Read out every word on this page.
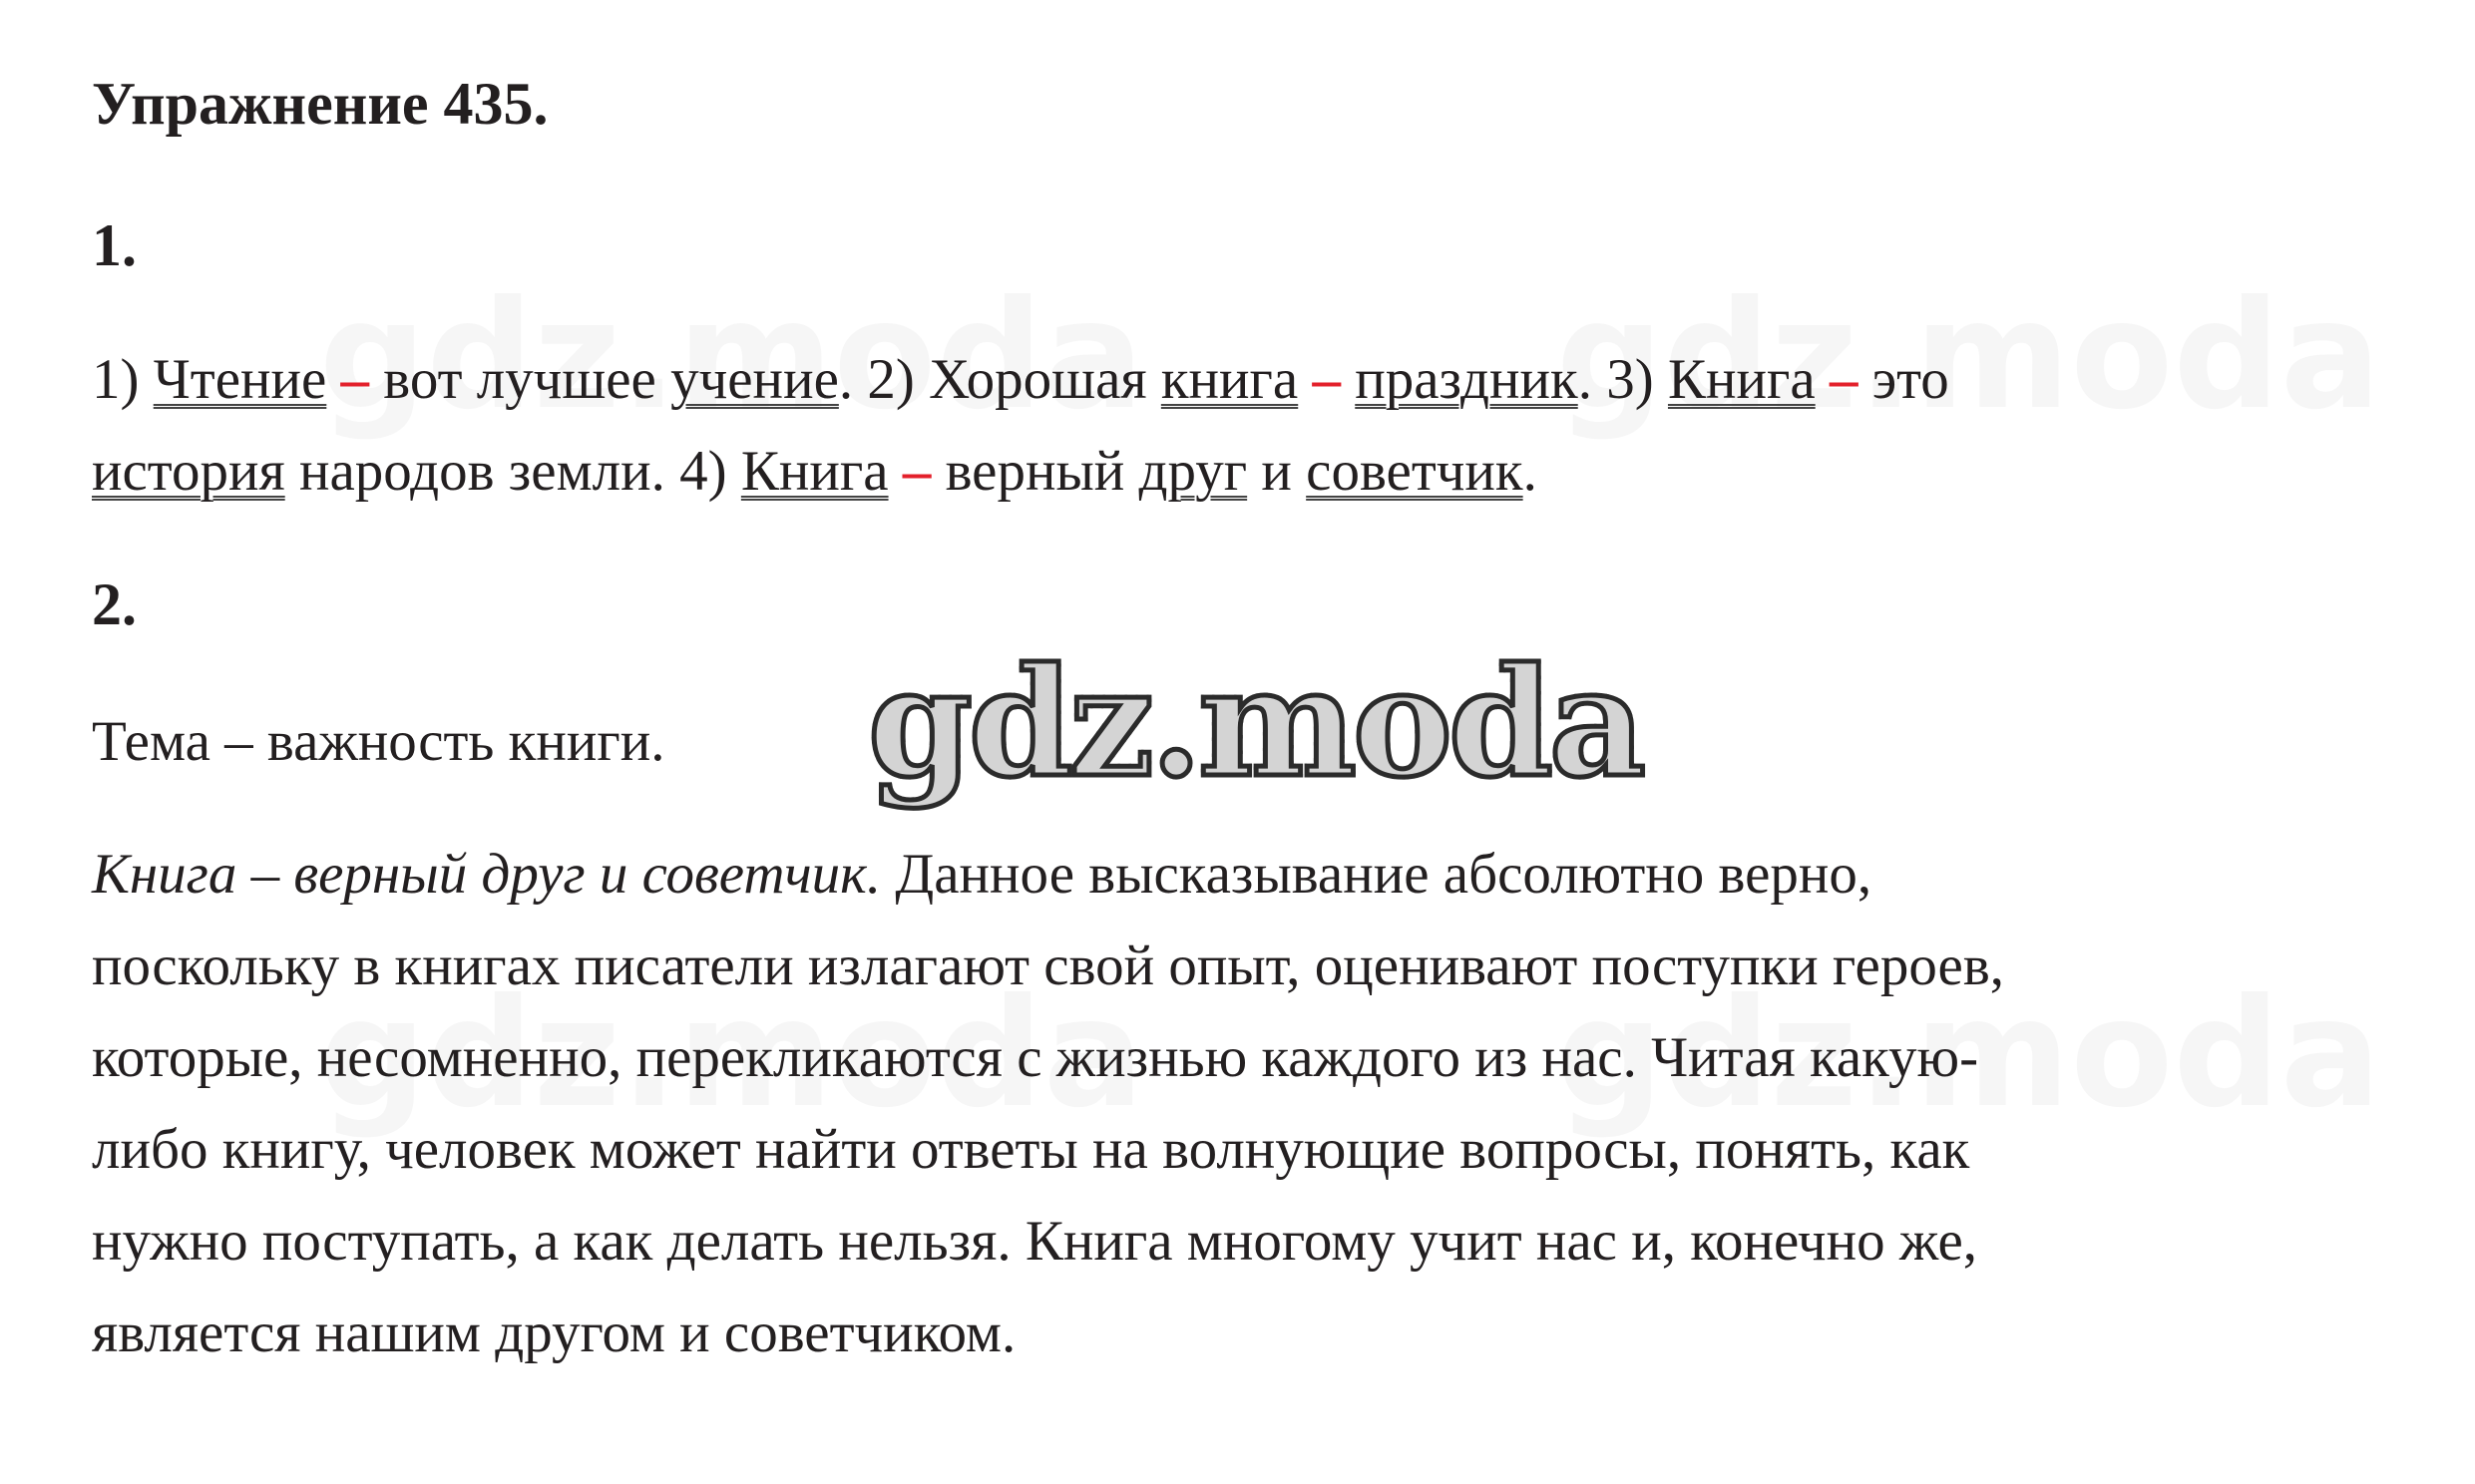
Упражнение 435.
1.
1) Чтение – вот лучшее учение. 2) Хорошая книга – праздник. 3) Книга – это
история народов земли. 4) Книга – верный друг и советчик.
2.
Тема – важность книги.
Книга – верный друг и советчик. Данное высказывание абсолютно верно,
поскольку в книгах писатели излагают свой опыт, оценивают поступки героев,
которые, несомненно, перекликаются с жизнью каждого из нас. Читая какую-
либо книгу, человек может найти ответы на волнующие вопросы, понять, как
нужно поступать, а как делать нельзя. Книга многому учит нас и, конечно же,
является нашим другом и советчиком.
gdz.moda
